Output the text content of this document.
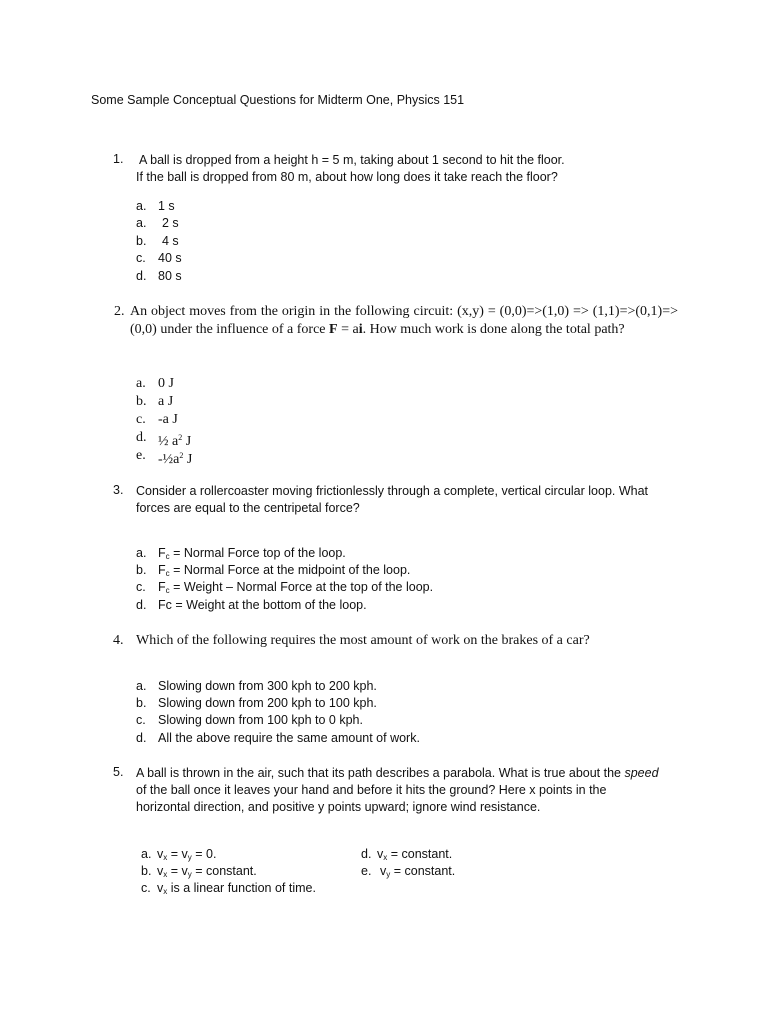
Some Sample Conceptual Questions for Midterm One, Physics 151
1. A ball is dropped from a height h = 5 m, taking about 1 second to hit the floor.
If the ball is dropped from 80 m, about how long does it take reach the floor?
a. 1 s
a. 2 s
b. 4 s
c. 40 s
d. 80 s
2. An object moves from the origin in the following circuit: (x,y) = (0,0)=>(1,0) => (1,1)=>(0,1)=>(0,0) under the influence of a force F = ai. How much work is done along the total path?
a. 0 J
b. a J
c. -a J
d. ½ $a^2$ J
e. $-\frac{1}{2}a^2$ J
3. Consider a rollercoaster moving frictionlessly through a complete, vertical circular loop. What
forces are equal to the centripetal force?
a. $F_c$ = Normal Force top of the loop.
b. $F_c$ = Normal Force at the midpoint of the loop.
c. $F_c$ = Weight – Normal Force at the top of the loop.
d. Fc = Weight at the bottom of the loop.
4. Which of the following requires the most amount of work on the brakes of a car?
a. Slowing down from 300 kph to 200 kph.
b. Slowing down from 200 kph to 100 kph.
c. Slowing down from 100 kph to 0 kph.
d. All the above require the same amount of work.
5. A ball is thrown in the air, such that its path describes a parabola. What is true about the speed
of the ball once it leaves your hand and before it hits the ground? Here x points in the
horizontal direction, and positive y points upward; ignore wind resistance.
a. $v_x = v_y = 0$.
b. $v_x = v_y$ = constant.
c. $v_x$ is a linear function of time.
d. $v_x$ = constant.
e. $v_y$ = constant.
